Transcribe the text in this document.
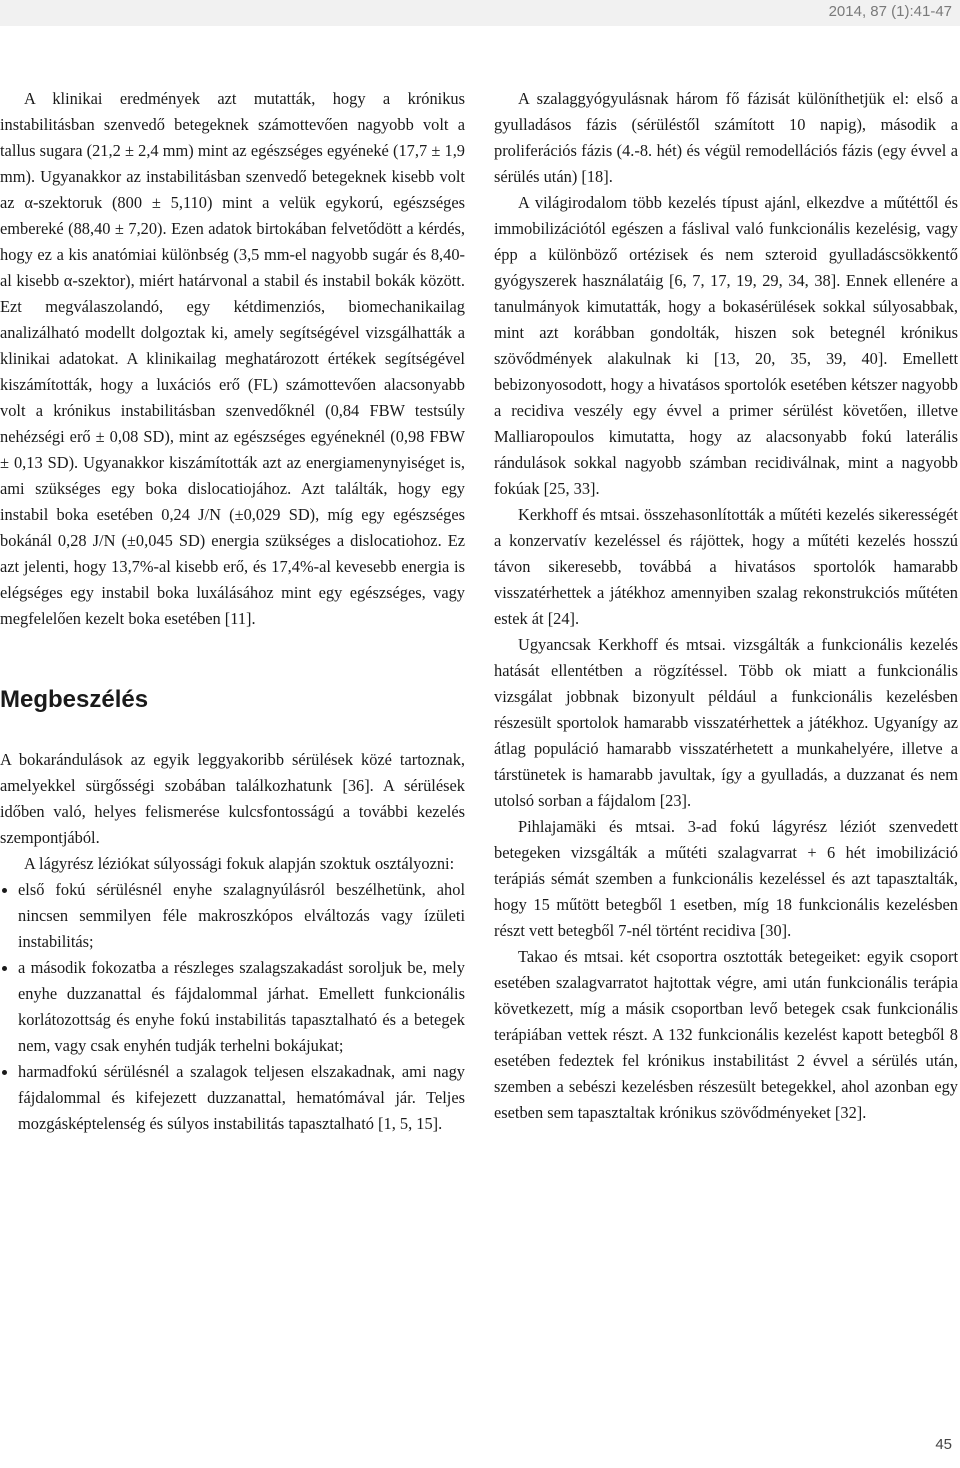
2014, 87 (1):41-47

A klinikai eredmények azt mutatták, hogy a krónikus instabilitásban szenvedő betegeknek számottevően nagyobb volt a tallus sugara (21,2 ± 2,4 mm) mint az egészséges egyéneké (17,7 ± 1,9 mm). Ugyanakkor az instabilitásban szenvedő betegeknek kisebb volt az α-szektoruk (800 ± 5,110) mint a velük egykorú, egészséges embereké (88,40 ± 7,20). Ezen adatok birtokában felvetődött a kérdés, hogy ez a kis anatómiai különbség (3,5 mm-el nagyobb sugár és 8,40-al kisebb α-szektor), miért határvonal a stabil és instabil bokák között. Ezt megválaszolandó, egy kétdimenziós, biomechanikailag analizálható modellt dolgoztak ki, amely segítségével vizsgálhatták a klinikai adatokat. A klinikailag meghatározott értékek segítségével kiszámították, hogy a luxációs erő (FL) számottevően alacsonyabb volt a krónikus instabilitásban szenvedőknél (0,84 FBW testsúly nehézségi erő ± 0,08 SD), mint az egészséges egyéneknél (0,98 FBW ± 0,13 SD). Ugyanakkor kiszámították azt az energiamenynyiséget is, ami szükséges egy boka dislocatiojához. Azt találták, hogy egy instabil boka esetében 0,24 J/N (±0,029 SD), míg egy egészséges bokánál 0,28 J/N (±0,045 SD) energia szükséges a dislocatiohoz. Ez azt jelenti, hogy 13,7%-al kisebb erő, és 17,4%-al kevesebb energia is elégséges egy instabil boka luxálásához mint egy egészséges, vagy megfelelően kezelt boka esetében [11].

Megbeszélés

A bokarándulások az egyik leggyakoribb sérülések közé tartoznak, amelyekkel sürgősségi szobában találkozhatunk [36]. A sérülések időben való, helyes felismerése kulcsfontosságú a további kezelés szempontjából.

A lágyrész léziókat súlyossági fokuk alapján szoktuk osztályozni:

első fokú sérülésnél enyhe szalagnyúlásról beszélhetünk, ahol nincsen semmilyen féle makroszkópos elváltozás vagy ízületi instabilitás;
a második fokozatba a részleges szalagszakadást soroljuk be, mely enyhe duzzanattal és fájdalommal járhat. Emellett funkcionális korlátozottság és enyhe fokú instabilitás tapasztalható és a betegek nem, vagy csak enyhén tudják terhelni bokájukat;
harmadfokú sérülésnél a szalagok teljesen elszakadnak, ami nagy fájdalommal és kifejezett duzzanattal, hematómával jár. Teljes mozgásképtelenség és súlyos instabilitás tapasztalható [1, 5, 15].

A szalaggyógyulásnak három fő fázisát különíthetjük el: első a gyulladásos fázis (sérüléstől számított 10 napig), második a proliferációs fázis (4.-8. hét) és végül remodellációs fázis (egy évvel a sérülés után) [18].

A világirodalom több kezelés típust ajánl, elkezdve a műtéttől és immobilizációtól egészen a fáslival való funkcionális kezelésig, vagy épp a különböző ortézisek és nem szteroid gyulladáscsökkentő gyógyszerek használatáig [6, 7, 17, 19, 29, 34, 38]. Ennek ellenére a tanulmányok kimutatták, hogy a bokasérülések sokkal súlyosabbak, mint azt korábban gondolták, hiszen sok betegnél krónikus szövődmények alakulnak ki [13, 20, 35, 39, 40]. Emellett bebizonyosodott, hogy a hivatásos sportolók esetében kétszer nagyobb a recidiva veszély egy évvel a primer sérülést követően, illetve Malliaropoulos kimutatta, hogy az alacsonyabb fokú laterális rándulások sokkal nagyobb számban recidiválnak, mint a nagyobb fokúak [25, 33].

Kerkhoff és mtsai. összehasonlították a műtéti kezelés sikerességét a konzervatív kezeléssel és rájöttek, hogy a műtéti kezelés hosszú távon sikeresebb, továbbá a hivatásos sportolók hamarabb visszatérhettek a játékhoz amennyiben szalag rekonstrukciós műtéten estek át [24].

Ugyancsak Kerkhoff és mtsai. vizsgálták a funkcionális kezelés hatását ellentétben a rögzítéssel. Több ok miatt a funkcionális vizsgálat jobbnak bizonyult például a funkcionális kezelésben részesült sportolok hamarabb visszatérhettek a játékhoz. Ugyanígy az átlag populáció hamarabb visszatérhetett a munkahelyére, illetve a társtünetek is hamarabb javultak, így a gyulladás, a duzzanat és nem utolsó sorban a fájdalom [23].

Pihlajamäki és mtsai. 3-ad fokú lágyrész léziót szenvedett betegeken vizsgálták a műtéti szalagvarrat + 6 hét imobilizáció terápiás sémát szemben a funkcionális kezeléssel és azt tapasztalták, hogy 15 műtött betegből 1 esetben, míg 18 funkcionális kezelésben részt vett betegből 7-nél történt recidiva [30].

Takao és mtsai. két csoportra osztották betegeiket: egyik csoport esetében szalagvarratot hajtottak végre, ami után funkcionális terápia következett, míg a másik csoportban levő betegek csak funkcionális terápiában vettek részt. A 132 funkcionális kezelést kapott betegből 8 esetében fedeztek fel krónikus instabilitást 2 évvel a sérülés után, szemben a sebészi kezelésben részesült betegekkel, ahol azonban egy esetben sem tapasztaltak krónikus szövődményeket [32].

45
